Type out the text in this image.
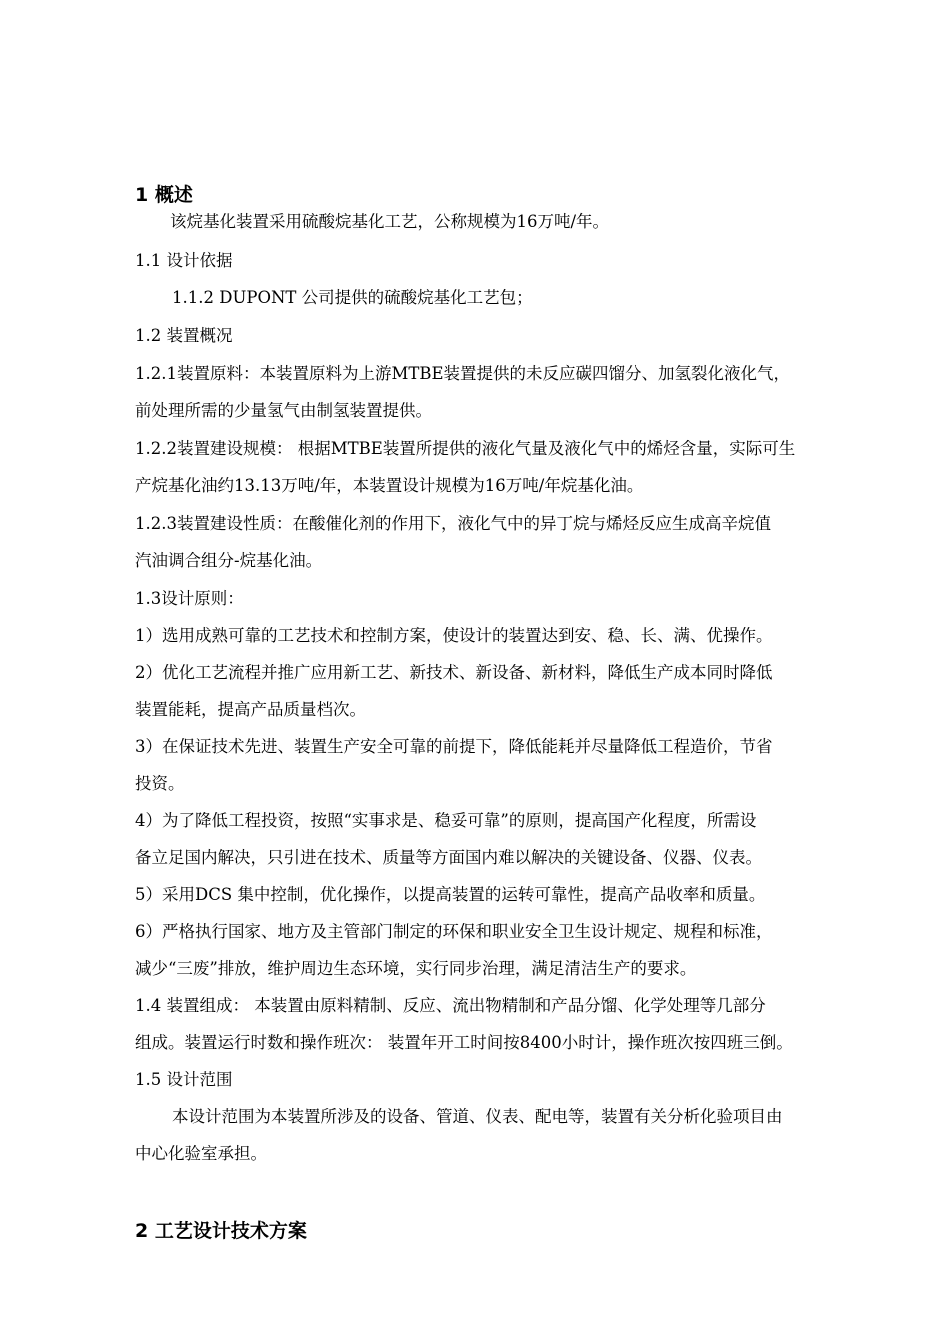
1 概述
该烷基化装置采用硫酸烷基化工艺，公称规模为16万吨/年。
1.1 设计依据
1.1.2 DUPONT 公司提供的硫酸烷基化工艺包；
1.2 装置概况
1.2.1装置原料：本装置原料为上游MTBE装置提供的未反应碳四馏分、加氢裂化液化气，
前处理所需的少量氢气由制氢装置提供。
1.2.2装置建设规模： 根据MTBE装置所提供的液化气量及液化气中的烯烃含量，实际可生
产烷基化油约13.13万吨/年，本装置设计规模为16万吨/年烷基化油。
1.2.3装置建设性质：在酸催化剂的作用下，液化气中的异丁烷与烯烃反应生成高辛烷值
汽油调合组分-烷基化油。
1.3设计原则：
1）选用成熟可靠的工艺技术和控制方案，使设计的装置达到安、稳、长、满、优操作。
2）优化工艺流程并推广应用新工艺、新技术、新设备、新材料，降低生产成本同时降低
装置能耗，提高产品质量档次。
3）在保证技术先进、装置生产安全可靠的前提下，降低能耗并尽量降低工程造价，节省
投资。
4）为了降低工程投资，按照“实事求是、稳妥可靠”的原则，提高国产化程度，所需设
备立足国内解决，只引进在技术、质量等方面国内难以解决的关键设备、仪器、仪表。
5）采用DCS 集中控制，优化操作，以提高装置的运转可靠性，提高产品收率和质量。
6）严格执行国家、地方及主管部门制定的环保和职业安全卫生设计规定、规程和标准，
减少“三废”排放，维护周边生态环境，实行同步治理，满足清洁生产的要求。
1.4 装置组成： 本装置由原料精制、反应、流出物精制和产品分馏、化学处理等几部分
组成。装置运行时数和操作班次： 装置年开工时间按8400小时计，操作班次按四班三倒。
1.5 设计范围
本设计范围为本装置所涉及的设备、管道、仪表、配电等，装置有关分析化验项目由
中心化验室承担。
2 工艺设计技术方案
